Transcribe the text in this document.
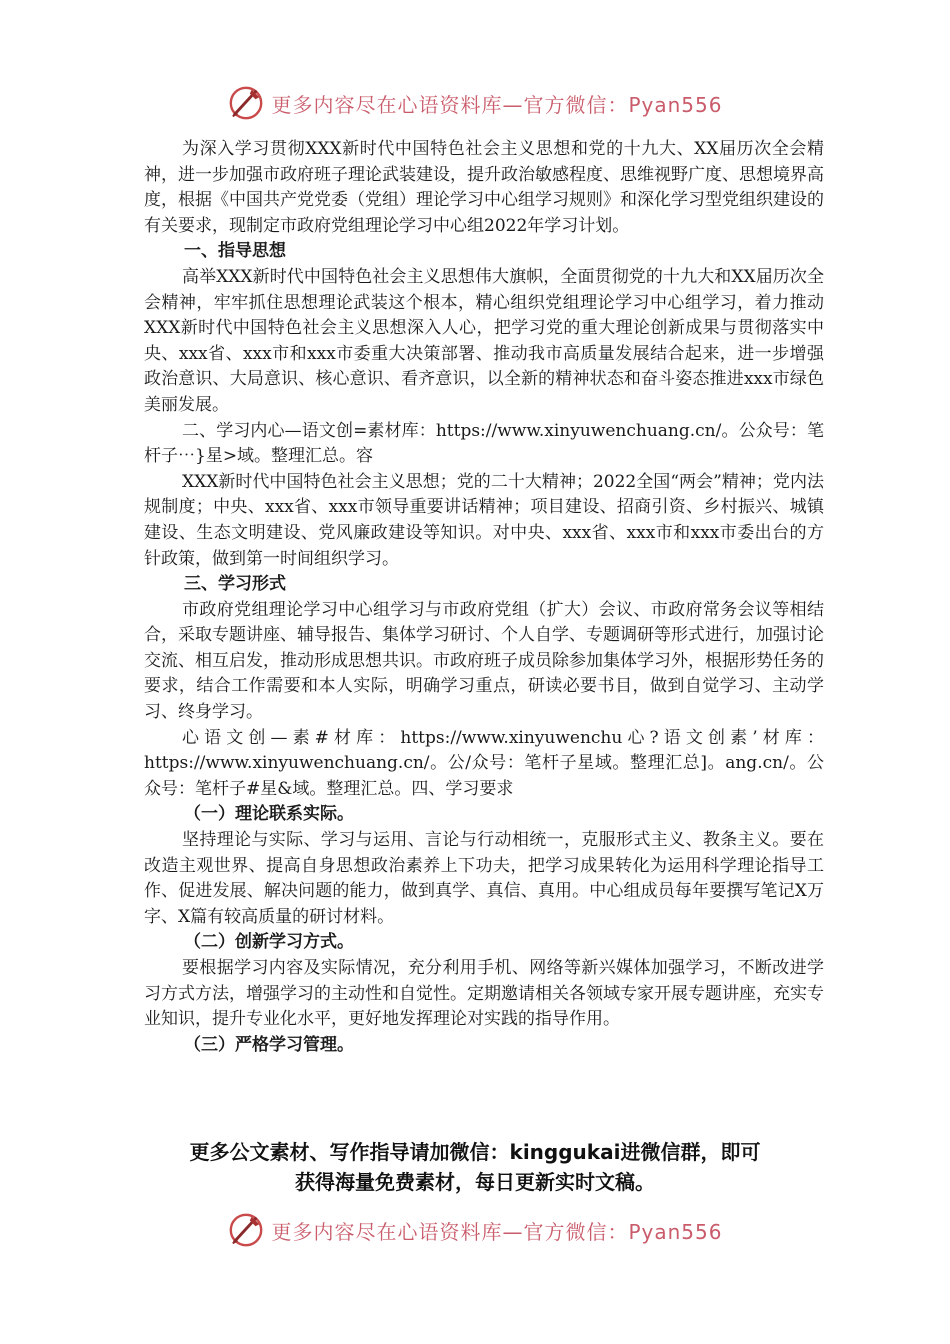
更多内容尽在心语资料库—官方微信：Pyan556

为深入学习贯彻XXX新时代中国特色社会主义思想和党的十九大、XX届历次全会精神，进一步加强市政府班子理论武装建设，提升政治敏感程度、思维视野广度、思想境界高度，根据《中国共产党党委（党组）理论学习中心组学习规则》和深化学习型党组织建设的有关要求，现制定市政府党组理论学习中心组2022年学习计划。

一、指导思想

高举XXX新时代中国特色社会主义思想伟大旗帜，全面贯彻党的十九大和XX届历次全会精神，牢牢抓住思想理论武装这个根本，精心组织党组理论学习中心组学习，着力推动XXX新时代中国特色社会主义思想深入人心，把学习党的重大理论创新成果与贯彻落实中央、xxx省、xxx市和xxx市委重大决策部署、推动我市高质量发展结合起来，进一步增强政治意识、大局意识、核心意识、看齐意识，以全新的精神状态和奋斗姿态推进xxx市绿色美丽发展。

二、学习内心—语文创=素材库：https://www.xinyuwenchuang.cn/。公众号：笔杆子⋯}星>域。整理汇总。容

XXX新时代中国特色社会主义思想；党的二十大精神；2022全国“两会”精神；党内法规制度；中央、xxx省、xxx市领导重要讲话精神；项目建设、招商引资、乡村振兴、城镇建设、生态文明建设、党风廉政建设等知识。对中央、xxx省、xxx市和xxx市委出台的方针政策，做到第一时间组织学习。

三、学习形式

市政府党组理论学习中心组学习与市政府党组（扩大）会议、市政府常务会议等相结合，采取专题讲座、辅导报告、集体学习研讨、个人自学、专题调研等形式进行，加强讨论交流、相互启发，推动形成思想共识。市政府班子成员除参加集体学习外，根据形势任务的要求，结合工作需要和本人实际，明确学习重点，研读必要书目，做到自觉学习、主动学习、终身学习。

心语文创—素#材库：https://www.xinyuwenchu心?语文创素’材库：https://www.xinyuwenchuang.cn/。公/众号：笔杆子星域。整理汇总]。ang.cn/。公众号：笔杆子#星&域。整理汇总。四、学习要求

（一）理论联系实际。

坚持理论与实际、学习与运用、言论与行动相统一，克服形式主义、教条主义。要在改造主观世界、提高自身思想政治素养上下功夫，把学习成果转化为运用科学理论指导工作、促进发展、解决问题的能力，做到真学、真信、真用。中心组成员每年要撰写笔记X万字、X篇有较高质量的研讨材料。

（二）创新学习方式。

要根据学习内容及实际情况，充分利用手机、网络等新兴媒体加强学习，不断改进学习方式方法，增强学习的主动性和自觉性。定期邀请相关各领域专家开展专题讲座，充实专业知识，提升专业化水平，更好地发挥理论对实践的指导作用。

（三）严格学习管理。

更多公文素材、写作指导请加微信：kinggukai进微信群，即可
获得海量免费素材，每日更新实时文稿。
更多内容尽在心语资料库—官方微信：Pyan556
